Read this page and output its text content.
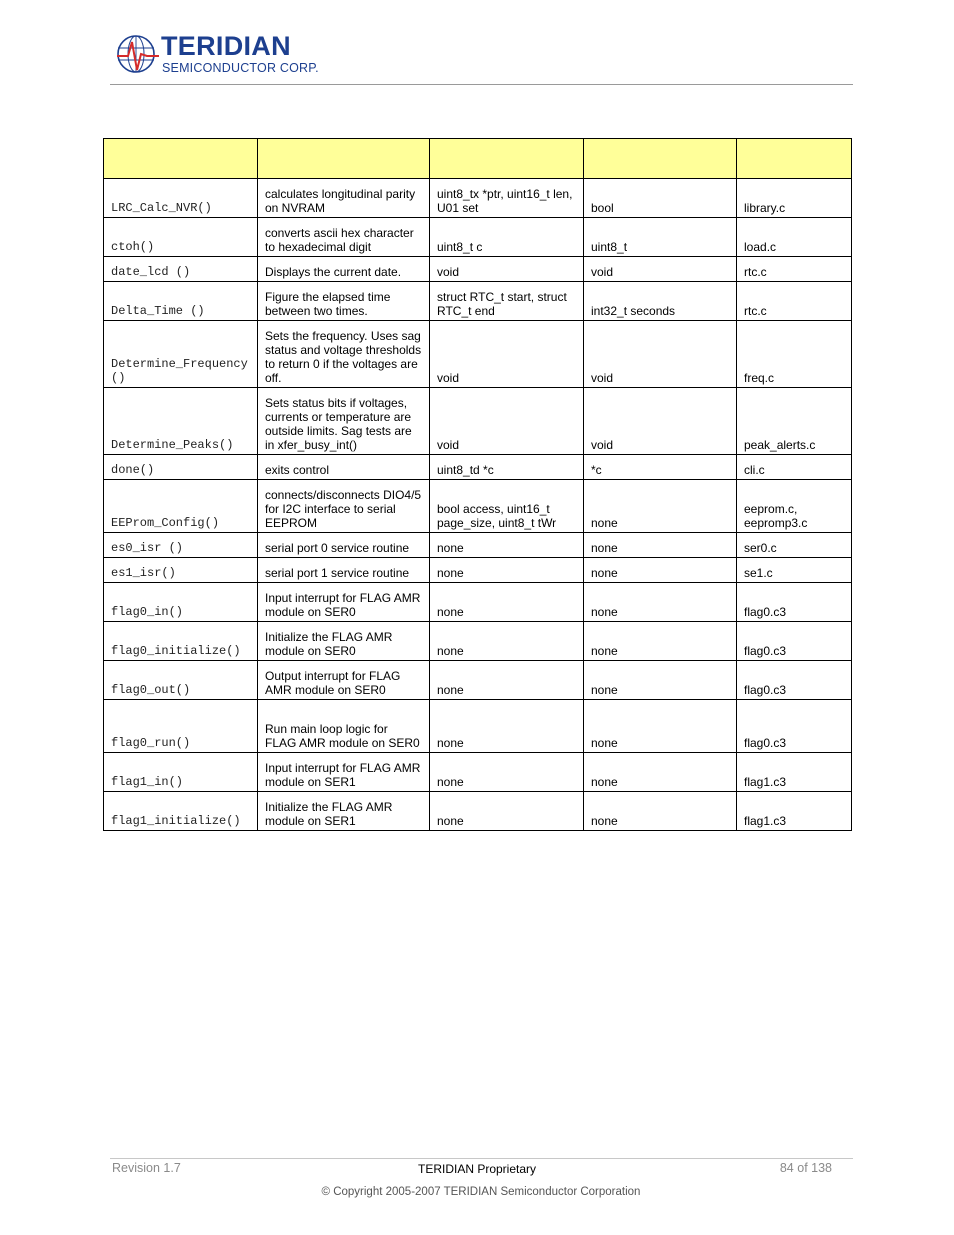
TERIDIAN
SEMICONDUCTOR CORP.

LRC_Calc_NVR()	calculates longitudinal parity on NVRAM	uint8_tx *ptr, uint16_t len, U01 set	bool	library.c
ctoh()	converts ascii hex character to hexadecimal digit	uint8_t c	uint8_t	load.c
date_lcd ()	Displays the current date.	void	void	rtc.c
Delta_Time ()	Figure the elapsed time between two times.	struct RTC_t start, struct RTC_t end	int32_t seconds	rtc.c
Determine_Frequency()	Sets the frequency. Uses sag status and voltage thresholds to return 0 if the voltages are off.	void	void	freq.c
Determine_Peaks()	Sets status bits if voltages, currents or temperature are outside limits. Sag tests are in xfer_busy_int()	void	void	peak_alerts.c
done()	exits control	uint8_td *c	*c	cli.c
EEProm_Config()	connects/disconnects DIO4/5 for I2C interface to serial EEPROM	bool access, uint16_t page_size, uint8_t tWr	none	eeprom.c, eepromp3.c
es0_isr ()	serial port 0 service routine	none	none	ser0.c
es1_isr()	serial port 1 service routine	none	none	se1.c
flag0_in()	Input interrupt for FLAG AMR module on SER0	none	none	flag0.c3
flag0_initialize()	Initialize the FLAG AMR module on SER0	none	none	flag0.c3
flag0_out()	Output interrupt for FLAG AMR module on SER0	none	none	flag0.c3
flag0_run()	Run main loop logic for FLAG AMR module on SER0	none	none	flag0.c3
flag1_in()	Input interrupt for FLAG AMR module on SER1	none	none	flag1.c3
flag1_initialize()	Initialize the FLAG AMR module on SER1	none	none	flag1.c3
Revision 1.7	TERIDIAN Proprietary	84 of 138
© Copyright 2005-2007 TERIDIAN Semiconductor Corporation
